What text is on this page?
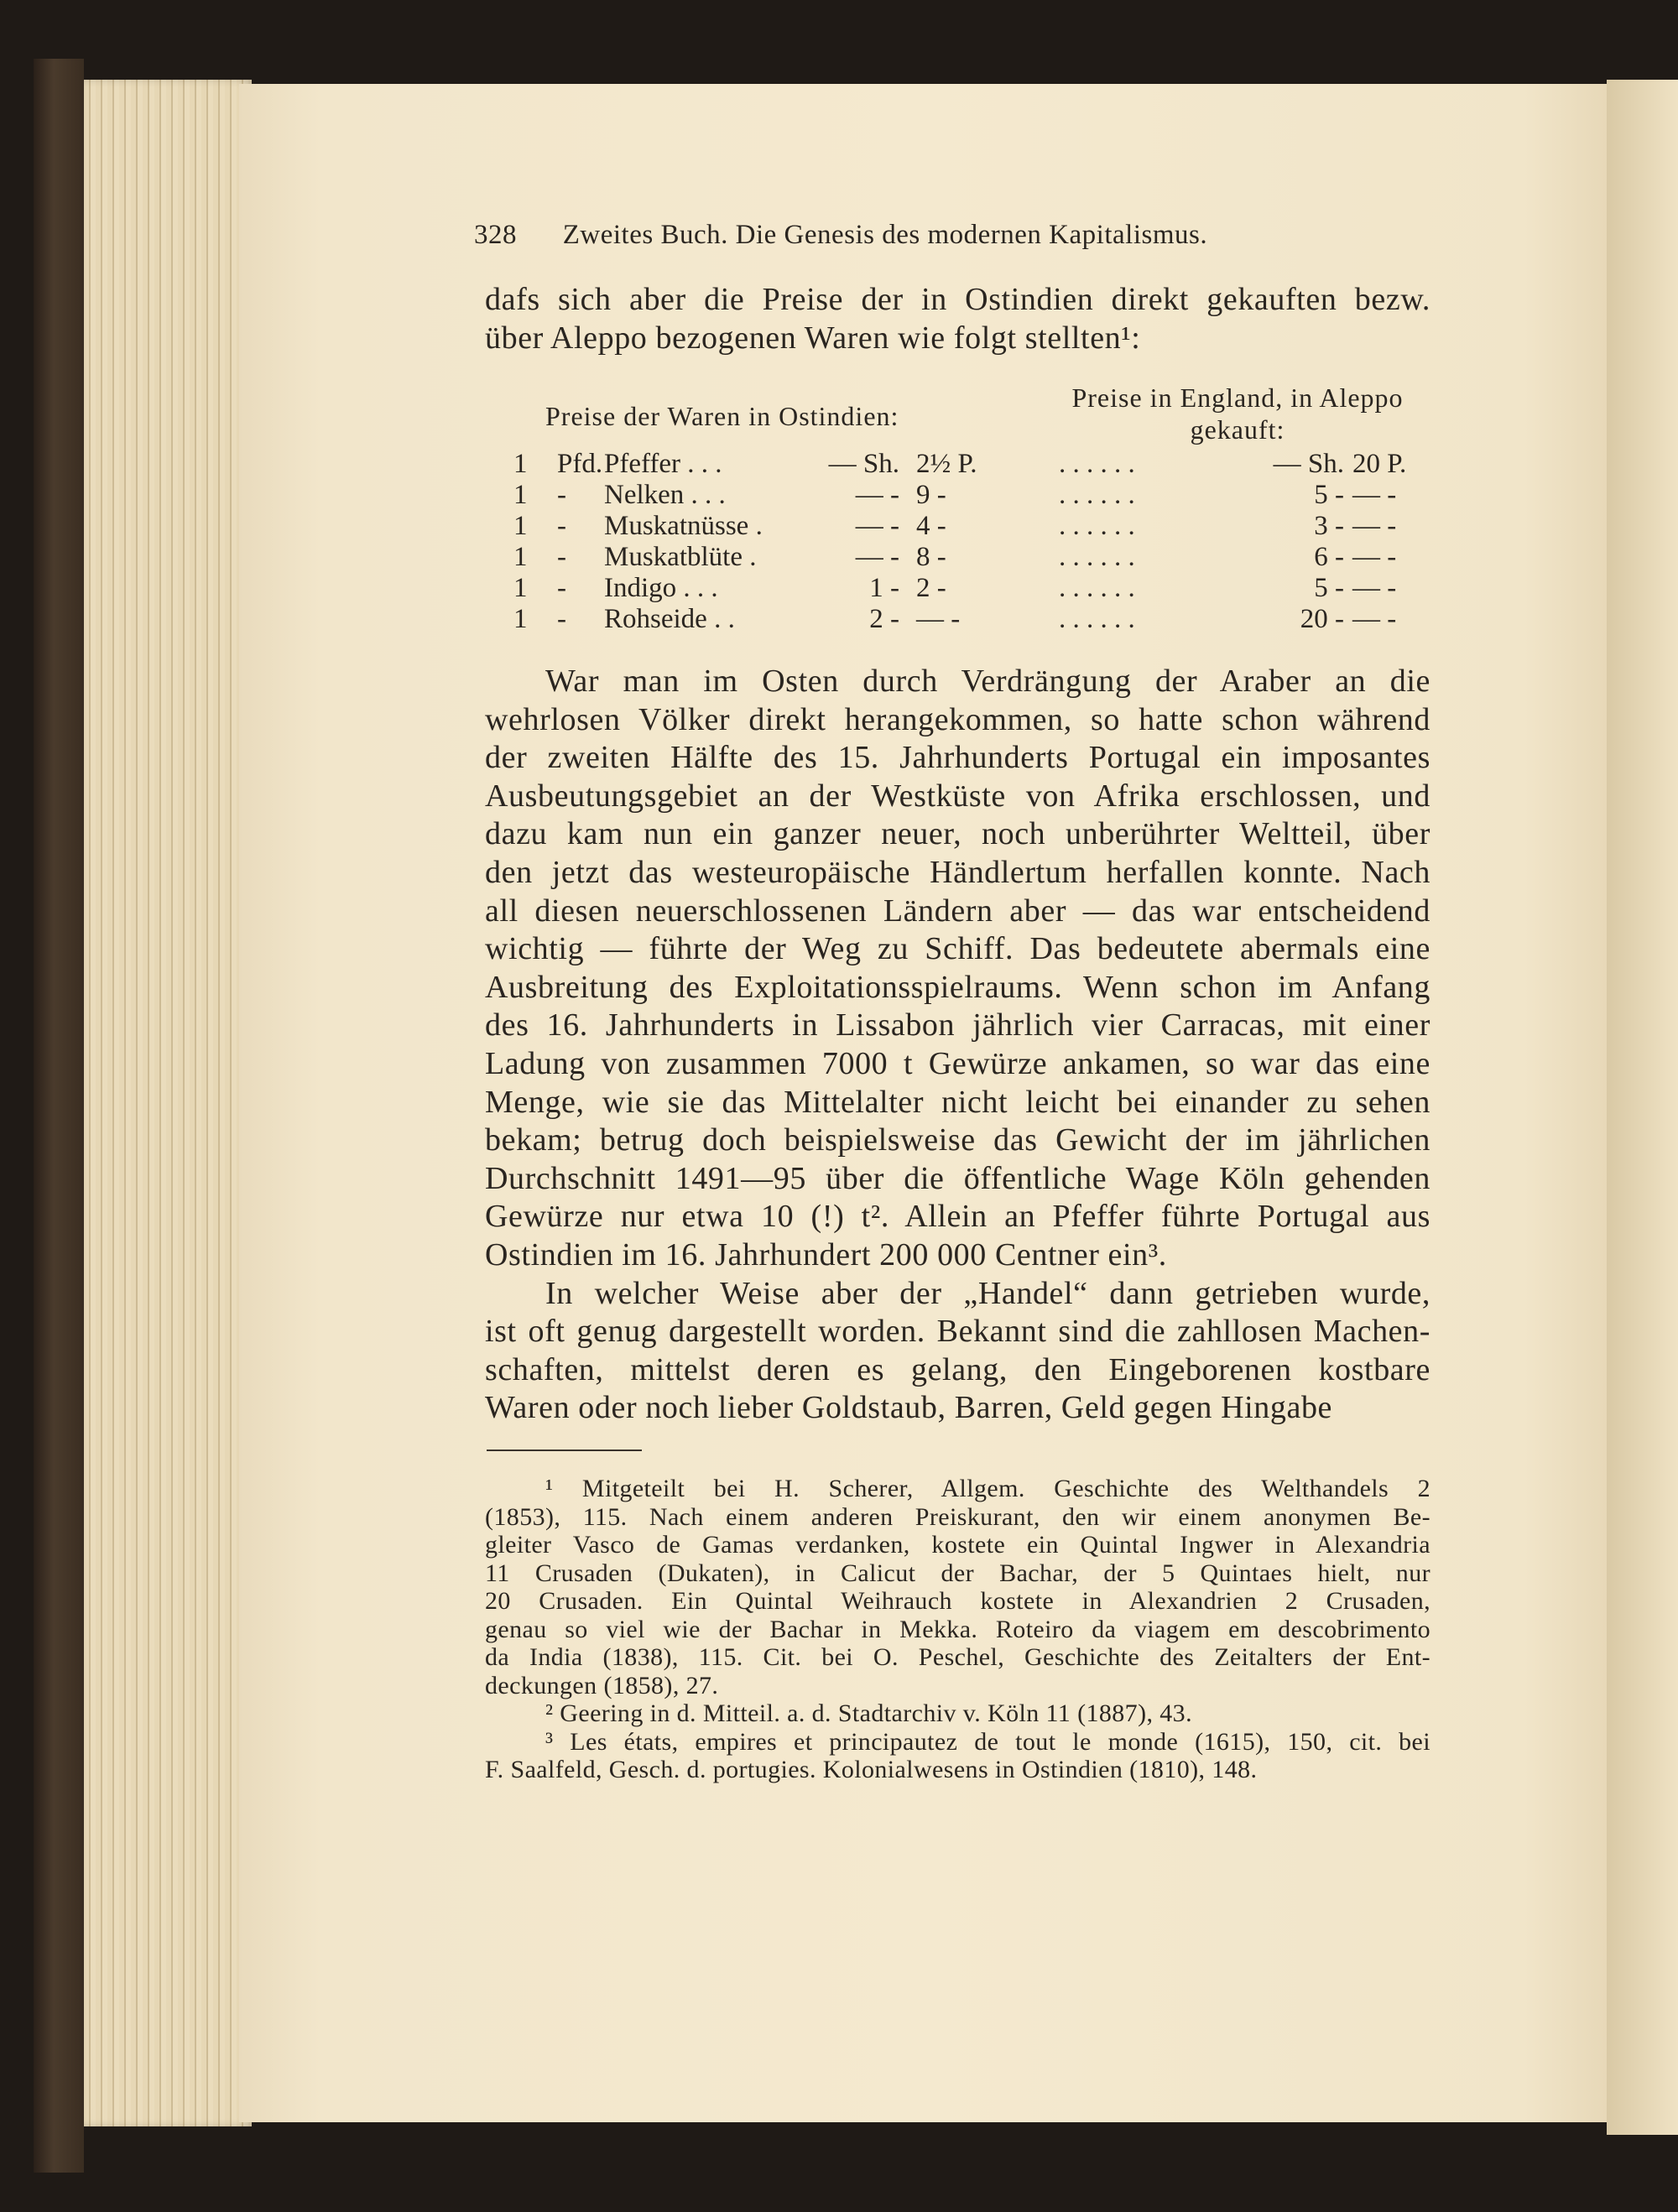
328 Zweites Buch. Die Genesis des modernen Kapitalismus.
dafs sich aber die Preise der in Ostindien direkt gekauften bezw.
über Aleppo bezogenen Waren wie folgt stellten¹:
Preise der Waren in Ostindien:
Preise in England, in Aleppo gekauft:
1 Pfd. Pfeffer . . .	— Sh. 2½ P.	. . . . . .	— Sh. 20 P.
1 - Nelken . . .	— - 9 -	. . . . . .	5 - — -
1 - Muskatnüsse .	— - 4 -	. . . . . .	3 - — -
1 - Muskatblüte .	— - 8 -	. . . . . .	6 - — -
1 - Indigo . . .	1 - 2 -	. . . . . .	5 - — -
1 - Rohseide . .	2 - — -	. . . . . .	20 - — -
War man im Osten durch Verdrängung der Araber an die
wehrlosen Völker direkt herangekommen, so hatte schon während
der zweiten Hälfte des 15. Jahrhunderts Portugal ein imposantes
Ausbeutungsgebiet an der Westküste von Afrika erschlossen, und
dazu kam nun ein ganzer neuer, noch unberührter Weltteil, über
den jetzt das westeuropäische Händlertum herfallen konnte. Nach
all diesen neuerschlossenen Ländern aber — das war entscheidend
wichtig — führte der Weg zu Schiff. Das bedeutete abermals eine
Ausbreitung des Exploitationsspielraums. Wenn schon im Anfang
des 16. Jahrhunderts in Lissabon jährlich vier Carracas, mit einer
Ladung von zusammen 7000 t Gewürze ankamen, so war das eine
Menge, wie sie das Mittelalter nicht leicht bei einander zu sehen
bekam; betrug doch beispielsweise das Gewicht der im jährlichen
Durchschnitt 1491—95 über die öffentliche Wage Köln gehenden
Gewürze nur etwa 10 (!) t². Allein an Pfeffer führte Portugal aus
Ostindien im 16. Jahrhundert 200 000 Centner ein³.
In welcher Weise aber der „Handel“ dann getrieben wurde,
ist oft genug dargestellt worden. Bekannt sind die zahllosen Machen-
schaften, mittelst deren es gelang, den Eingeborenen kostbare
Waren oder noch lieber Goldstaub, Barren, Geld gegen Hingabe
¹ Mitgeteilt bei H. Scherer, Allgem. Geschichte des Welthandels 2
(1853), 115. Nach einem anderen Preiskurant, den wir einem anonymen Be-
gleiter Vasco de Gamas verdanken, kostete ein Quintal Ingwer in Alexandria
11 Crusaden (Dukaten), in Calicut der Bachar, der 5 Quintaes hielt, nur
20 Crusaden. Ein Quintal Weihrauch kostete in Alexandrien 2 Crusaden,
genau so viel wie der Bachar in Mekka. Roteiro da viagem em descobrimento
da India (1838), 115. Cit. bei O. Peschel, Geschichte des Zeitalters der Ent-
deckungen (1858), 27.
² Geering in d. Mitteil. a. d. Stadtarchiv v. Köln 11 (1887), 43.
³ Les états, empires et principautez de tout le monde (1615), 150, cit. bei
F. Saalfeld, Gesch. d. portugies. Kolonialwesens in Ostindien (1810), 148.
